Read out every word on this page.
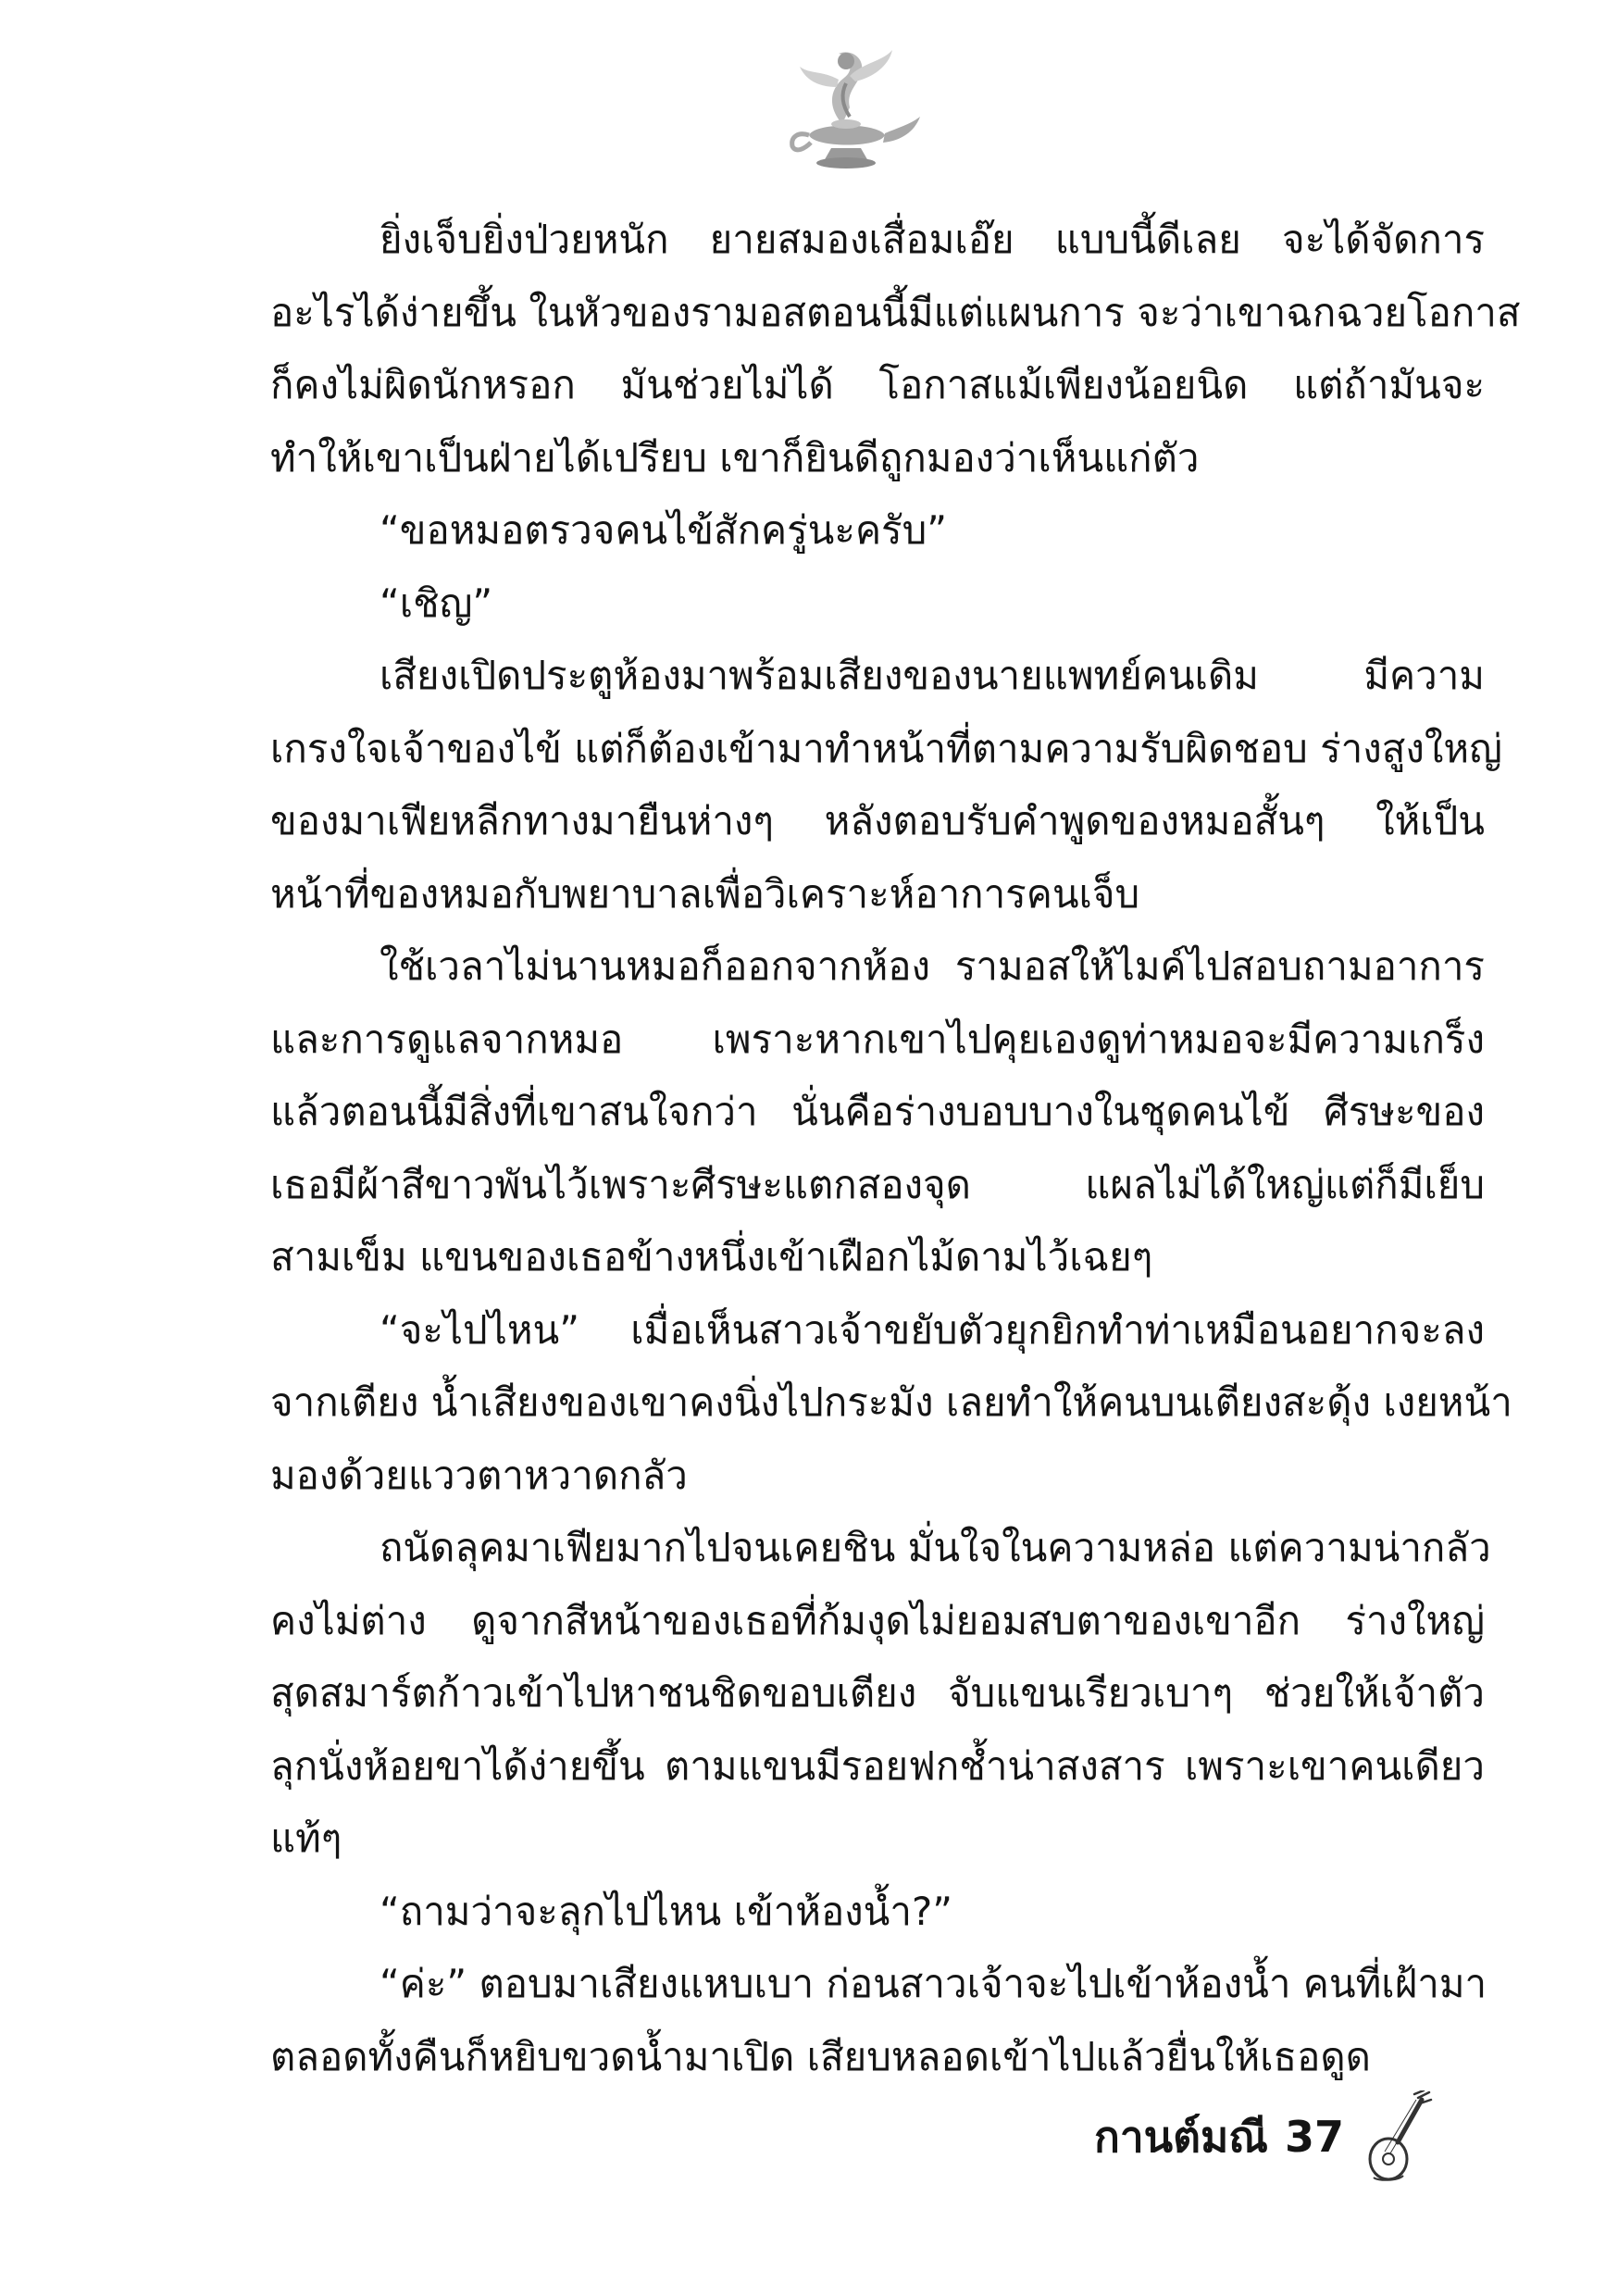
ยิ่งเจ็บยิ่งป่วยหนัก ยายสมองเสื่อมเอ๊ย แบบนี้ดีเลย จะได้จัดการ
อะไรได้ง่ายขึ้น ในหัวของรามอสตอนนี้มีแต่แผนการ จะว่าเขาฉกฉวยโอกาส
ก็คงไม่ผิดนักหรอก มันช่วยไม่ได้ โอกาสแม้เพียงน้อยนิด แต่ถ้ามันจะ
ทำให้เขาเป็นฝ่ายได้เปรียบ เขาก็ยินดีถูกมองว่าเห็นแก่ตัว
“ขอหมอตรวจคนไข้สักครู่นะครับ”
“เชิญ”
เสียงเปิดประตูห้องมาพร้อมเสียงของนายแพทย์คนเดิม มีความ
เกรงใจเจ้าของไข้ แต่ก็ต้องเข้ามาทำหน้าที่ตามความรับผิดชอบ ร่างสูงใหญ่
ของมาเฟียหลีกทางมายืนห่างๆ หลังตอบรับคำพูดของหมอสั้นๆ ให้เป็น
หน้าที่ของหมอกับพยาบาลเพื่อวิเคราะห์อาการคนเจ็บ
ใช้เวลาไม่นานหมอก็ออกจากห้อง รามอสให้ไมค์ไปสอบถามอาการ
และการดูแลจากหมอ เพราะหากเขาไปคุยเองดูท่าหมอจะมีความเกร็ง
แล้วตอนนี้มีสิ่งที่เขาสนใจกว่า นั่นคือร่างบอบบางในชุดคนไข้ ศีรษะของ
เธอมีผ้าสีขาวพันไว้เพราะศีรษะแตกสองจุด แผลไม่ได้ใหญ่แต่ก็มีเย็บ
สามเข็ม แขนของเธอข้างหนึ่งเข้าเฝือกไม้ดามไว้เฉยๆ
“จะไปไหน” เมื่อเห็นสาวเจ้าขยับตัวยุกยิกทำท่าเหมือนอยากจะลง
จากเตียง น้ำเสียงของเขาคงนิ่งไปกระมัง เลยทำให้คนบนเตียงสะดุ้ง เงยหน้า
มองด้วยแววตาหวาดกลัว
ถนัดลุคมาเฟียมากไปจนเคยชิน มั่นใจในความหล่อ แต่ความน่ากลัว
คงไม่ต่าง ดูจากสีหน้าของเธอที่ก้มงุดไม่ยอมสบตาของเขาอีก ร่างใหญ่
สุดสมาร์ตก้าวเข้าไปหาชนชิดขอบเตียง จับแขนเรียวเบาๆ ช่วยให้เจ้าตัว
ลุกนั่งห้อยขาได้ง่ายขึ้น ตามแขนมีรอยฟกช้ำน่าสงสาร เพราะเขาคนเดียว
แท้ๆ
“ถามว่าจะลุกไปไหน เข้าห้องน้ำ?”
“ค่ะ” ตอบมาเสียงแหบเบา ก่อนสาวเจ้าจะไปเข้าห้องน้ำ คนที่เฝ้ามา
ตลอดทั้งคืนก็หยิบขวดน้ำมาเปิด เสียบหลอดเข้าไปแล้วยื่นให้เธอดูด
กานต์มณี 37
